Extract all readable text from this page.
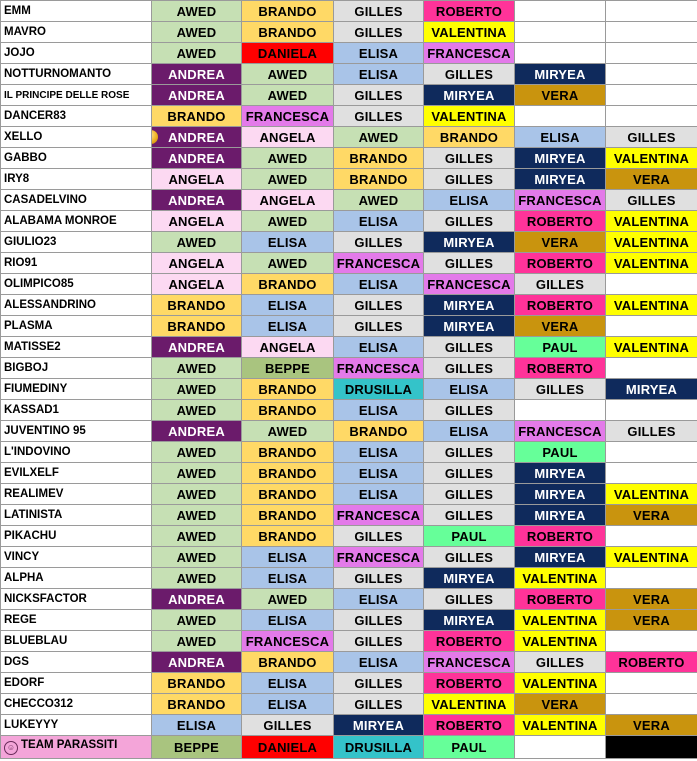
EMM	AWED	BRANDO	GILLES	ROBERTO		
MAVRO	AWED	BRANDO	GILLES	VALENTINA		
JOJO	AWED	DANIELA	ELISA	FRANCESCA		
NOTTURNOMANTO	ANDREA	AWED	ELISA	GILLES	MIRYEA	
IL PRINCIPE DELLE ROSE	ANDREA	AWED	GILLES	MIRYEA	VERA	
DANCER83	BRANDO	FRANCESCA	GILLES	VALENTINA		
XELLO	ANDREA	ANGELA	AWED	BRANDO	ELISA	GILLES
GABBO	ANDREA	AWED	BRANDO	GILLES	MIRYEA	VALENTINA
IRY8	ANGELA	AWED	BRANDO	GILLES	MIRYEA	VERA
CASADELVINO	ANDREA	ANGELA	AWED	ELISA	FRANCESCA	GILLES
ALABAMA MONROE	ANGELA	AWED	ELISA	GILLES	ROBERTO	VALENTINA
GIULIO23	AWED	ELISA	GILLES	MIRYEA	VERA	VALENTINA
RIO91	ANGELA	AWED	FRANCESCA	GILLES	ROBERTO	VALENTINA
OLIMPICO85	ANGELA	BRANDO	ELISA	FRANCESCA	GILLES	
ALESSANDRINO	BRANDO	ELISA	GILLES	MIRYEA	ROBERTO	VALENTINA
PLASMA	BRANDO	ELISA	GILLES	MIRYEA	VERA	
MATISSE2	ANDREA	ANGELA	ELISA	GILLES	PAUL	VALENTINA
BIGBOJ	AWED	BEPPE	FRANCESCA	GILLES	ROBERTO	
FIUMEDINY	AWED	BRANDO	DRUSILLA	ELISA	GILLES	MIRYEA
KASSAD1	AWED	BRANDO	ELISA	GILLES		
JUVENTINO 95	ANDREA	AWED	BRANDO	ELISA	FRANCESCA	GILLES
L'INDOVINO	AWED	BRANDO	ELISA	GILLES	PAUL	
EVILXELF	AWED	BRANDO	ELISA	GILLES	MIRYEA	
REALIMEV	AWED	BRANDO	ELISA	GILLES	MIRYEA	VALENTINA
LATINISTA	AWED	BRANDO	FRANCESCA	GILLES	MIRYEA	VERA
PIKACHU	AWED	BRANDO	GILLES	PAUL	ROBERTO	
VINCY	AWED	ELISA	FRANCESCA	GILLES	MIRYEA	VALENTINA
ALPHA	AWED	ELISA	GILLES	MIRYEA	VALENTINA	
NICKSFACTOR	ANDREA	AWED	ELISA	GILLES	ROBERTO	VERA
REGE	AWED	ELISA	GILLES	MIRYEA	VALENTINA	VERA
BLUEBLAU	AWED	FRANCESCA	GILLES	ROBERTO	VALENTINA	
DGS	ANDREA	BRANDO	ELISA	FRANCESCA	GILLES	ROBERTO
EDORF	BRANDO	ELISA	GILLES	ROBERTO	VALENTINA	
CHECCO312	BRANDO	ELISA	GILLES	VALENTINA	VERA	
LUKEYYY	ELISA	GILLES	MIRYEA	ROBERTO	VALENTINA	VERA
☺ TEAM PARASSITI	BEPPE	DANIELA	DRUSILLA	PAUL		
